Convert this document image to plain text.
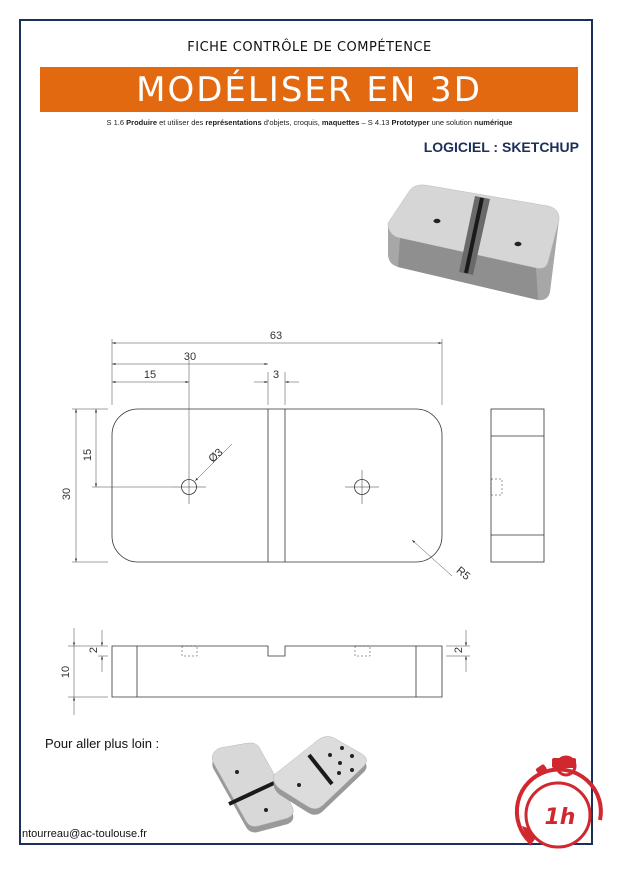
FICHE CONTRÔLE DE COMPÉTENCE
MODÉLISER EN 3D
S 1.6 Produire et utiliser des représentations d'objets, croquis, maquettes – S 4.13 Prototyper une solution numérique
LOGICIEL : SKETCHUP
63
30
15	3
30
15	Ø3
R5
10
2	2
1h
Pour aller plus loin :
ntourreau@ac-toulouse.fr
